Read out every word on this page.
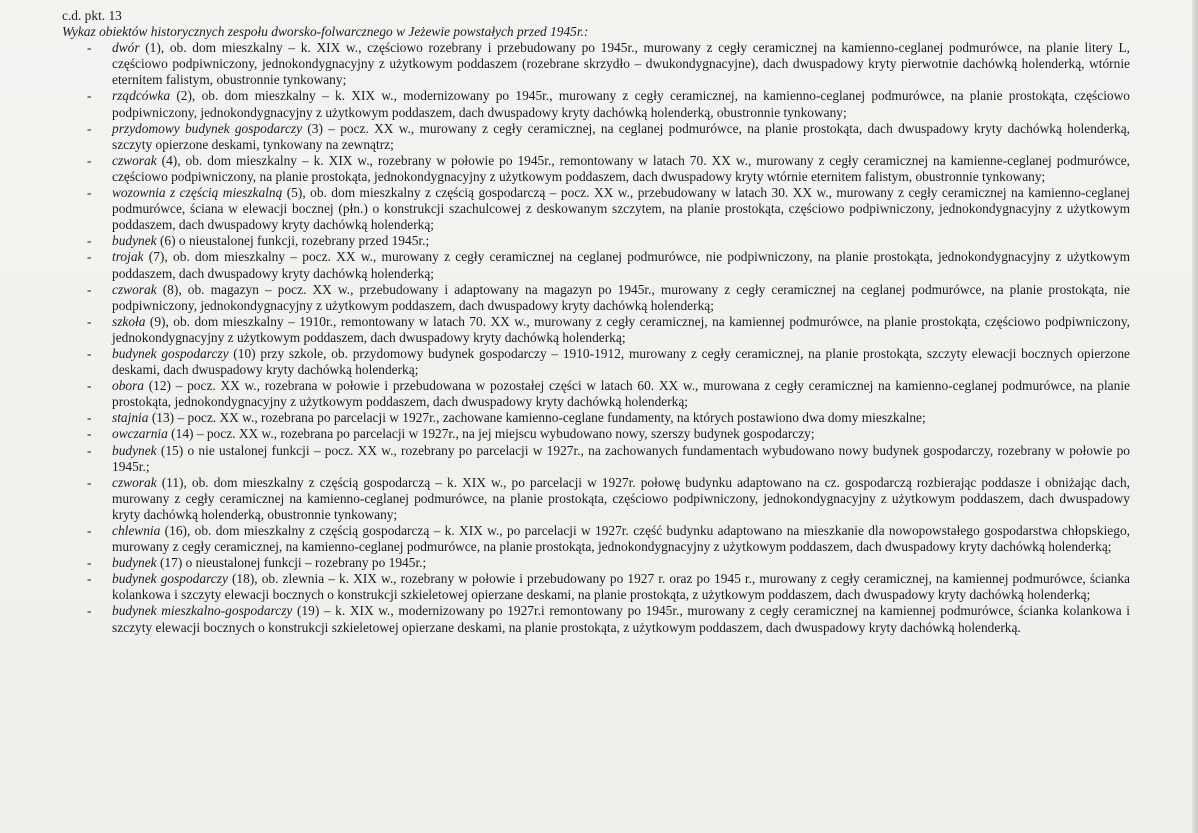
c.d. pkt. 13
Wykaz obiektów historycznych zespołu dworsko-folwarcznego w Jeżewie powstałych przed 1945r.:
- dwór (1), ob. dom mieszkalny – k. XIX w., częściowo rozebrany i przebudowany po 1945r., murowany z cegły ceramicznej na kamienno-ceglanej podmurówce, na planie litery L, częściowo podpiwniczony, jednokondygnacyjny z użytkowym poddaszem (rozebrane skrzydło – dwukondygnacyjne), dach dwuspadowy kryty pierwotnie dachówką holenderką, wtórnie eternitem falistym, obustronnie tynkowany;
- rządcówka (2), ob. dom mieszkalny – k. XIX w., modernizowany po 1945r., murowany z cegły ceramicznej, na kamienno-ceglanej podmurówce, na planie prostokąta, częściowo podpiwniczony, jednokondygnacyjny z użytkowym poddaszem, dach dwuspadowy kryty dachówką holenderką, obustronnie tynkowany;
- przydomowy budynek gospodarczy (3) – pocz. XX w., murowany z cegły ceramicznej, na ceglanej podmurówce, na planie prostokąta, dach dwuspadowy kryty dachówką holenderką, szczyty opierzone deskami, tynkowany na zewnątrz;
- czworak (4), ob. dom mieszkalny – k. XIX w., rozebrany w połowie po 1945r., remontowany w latach 70. XX w., murowany z cegły ceramicznej na kamienne-ceglanej podmurówce, częściowo podpiwniczony, na planie prostokąta, jednokondygnacyjny z użytkowym poddaszem, dach dwuspadowy kryty wtórnie eternitem falistym, obustronnie tynkowany;
- wozownia z częścią mieszkalną (5), ob. dom mieszkalny z częścią gospodarczą – pocz. XX w., przebudowany w latach 30. XX w., murowany z cegły ceramicznej na kamienno-ceglanej podmurówce, ściana w elewacji bocznej (płn.) o konstrukcji szachulcowej z deskowanym szczytem, na planie prostokąta, częściowo podpiwniczony, jednokondygnacyjny z użytkowym poddaszem, dach dwuspadowy kryty dachówką holenderką;
- budynek (6) o nieustalonej funkcji, rozebrany przed 1945r.;
- trojak (7), ob. dom mieszkalny – pocz. XX w., murowany z cegły ceramicznej na ceglanej podmurówce, nie podpiwniczony, na planie prostokąta, jednokondygnacyjny z użytkowym poddaszem, dach dwuspadowy kryty dachówką holenderką;
- czworak (8), ob. magazyn – pocz. XX w., przebudowany i adaptowany na magazyn po 1945r., murowany z cegły ceramicznej na ceglanej podmurówce, na planie prostokąta, nie podpiwniczony, jednokondygnacyjny z użytkowym poddaszem, dach dwuspadowy kryty dachówką holenderką;
- szkoła (9), ob. dom mieszkalny – 1910r., remontowany w latach 70. XX w., murowany z cegły ceramicznej, na kamiennej podmurówce, na planie prostokąta, częściowo podpiwniczony, jednokondygnacyjny z użytkowym poddaszem, dach dwuspadowy kryty dachówką holenderką;
- budynek gospodarczy (10) przy szkole, ob. przydomowy budynek gospodarczy – 1910-1912, murowany z cegły ceramicznej, na planie prostokąta, szczyty elewacji bocznych opierzone deskami, dach dwuspadowy kryty dachówką holenderką;
- obora (12) – pocz. XX w., rozebrana w połowie i przebudowana w pozostałej części w latach 60. XX w., murowana z cegły ceramicznej na kamienno-ceglanej podmurówce, na planie prostokąta, jednokondygnacyjny z użytkowym poddaszem, dach dwuspadowy kryty dachówką holenderką;
- stajnia (13) – pocz. XX w., rozebrana po parcelacji w 1927r., zachowane kamienno-ceglane fundamenty, na których postawiono dwa domy mieszkalne;
- owczarnia (14) – pocz. XX w., rozebrana po parcelacji w 1927r., na jej miejscu wybudowano nowy, szerszy budynek gospodarczy;
- budynek (15) o nie ustalonej funkcji – pocz. XX w., rozebrany po parcelacji w 1927r., na zachowanych fundamentach wybudowano nowy budynek gospodarczy, rozebrany w połowie po 1945r.;
- czworak (11), ob. dom mieszkalny z częścią gospodarczą – k. XIX w., po parcelacji w 1927r. połowę budynku adaptowano na cz. gospodarczą rozbierając poddasze i obniżając dach, murowany z cegły ceramicznej na kamienno-ceglanej podmurówce, na planie prostokąta, częściowo podpiwniczony, jednokondygnacyjny z użytkowym poddaszem, dach dwuspadowy kryty dachówką holenderką, obustronnie tynkowany;
- chlewnia (16), ob. dom mieszkalny z częścią gospodarczą – k. XIX w., po parcelacji w 1927r. część budynku adaptowano na mieszkanie dla nowopowstałego gospodarstwa chłopskiego, murowany z cegły ceramicznej, na kamienno-ceglanej podmurówce, na planie prostokąta, jednokondygnacyjny z użytkowym poddaszem, dach dwuspadowy kryty dachówką holenderką;
- budynek (17) o nieustalonej funkcji – rozebrany po 1945r.;
- budynek gospodarczy (18), ob. zlewnia – k. XIX w., rozebrany w połowie i przebudowany po 1927 r. oraz po 1945 r., murowany z cegły ceramicznej, na kamiennej podmurówce, ścianka kolankowa i szczyty elewacji bocznych o konstrukcji szkieletowej opierzane deskami, na planie prostokąta, z użytkowym poddaszem, dach dwuspadowy kryty dachówką holenderką;
- budynek mieszkalno-gospodarczy (19) – k. XIX w., modernizowany po 1927r.i remontowany po 1945r., murowany z cegły ceramicznej na kamiennej podmurówce, ścianka kolankowa i szczyty elewacji bocznych o konstrukcji szkieletowej opierzane deskami, na planie prostokąta, z użytkowym poddaszem, dach dwuspadowy kryty dachówką holenderką.
